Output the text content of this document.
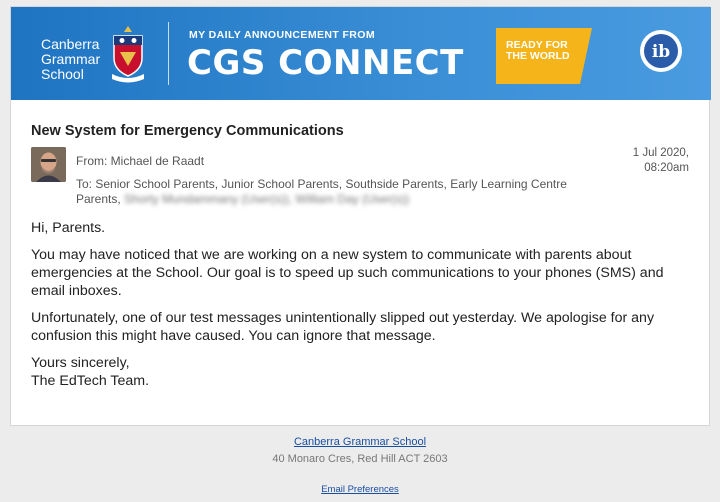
Canberra
Grammar
School
MY DAILY ANNOUNCEMENT FROM
CGS CONNECT	READY FOR
THE WORLD	ib
New System for Emergency Communications
From: Michael de Raadt
1 Jul 2020,
08:20am
To: Senior School Parents, Junior School Parents, Southside Parents, Early Learning Centre Parents, Shorty Mundammany (User(s)), William Day (User(s))

Hi, Parents.

You may have noticed that we are working on a new system to communicate with parents about emergencies at the School. Our goal is to speed up such communications to your phones (SMS) and email inboxes.

Unfortunately, one of our test messages unintentionally slipped out yesterday. We apologise for any confusion this might have caused. You can ignore that message.

Yours sincerely,
The EdTech Team.

Canberra Grammar School
40 Monaro Cres, Red Hill ACT 2603
Email Preferences
